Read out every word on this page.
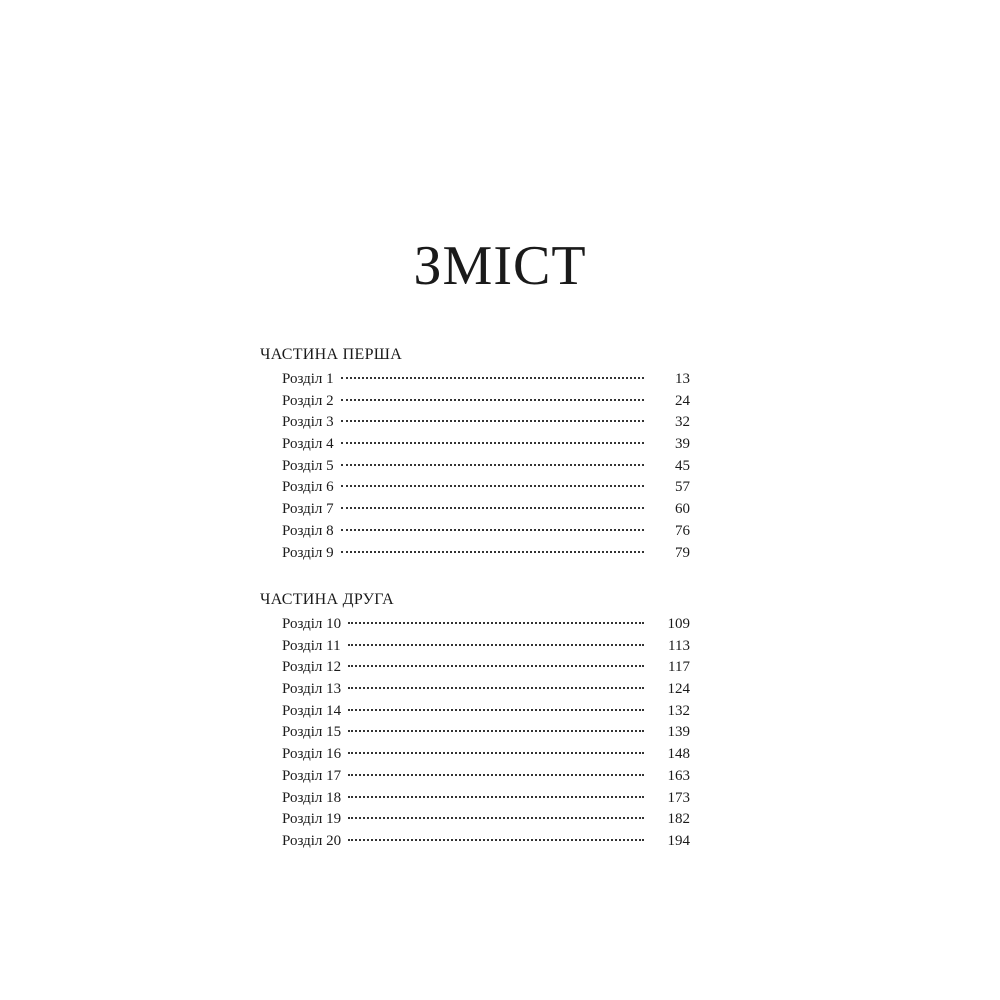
ЗМІСТ
ЧАСТИНА ПЕРША
Розділ 1	13
Розділ 2	24
Розділ 3	32
Розділ 4	39
Розділ 5	45
Розділ 6	57
Розділ 7	60
Розділ 8	76
Розділ 9	79
ЧАСТИНА ДРУГА
Розділ 10	109
Розділ 11	113
Розділ 12	117
Розділ 13	124
Розділ 14	132
Розділ 15	139
Розділ 16	148
Розділ 17	163
Розділ 18	173
Розділ 19	182
Розділ 20	194
